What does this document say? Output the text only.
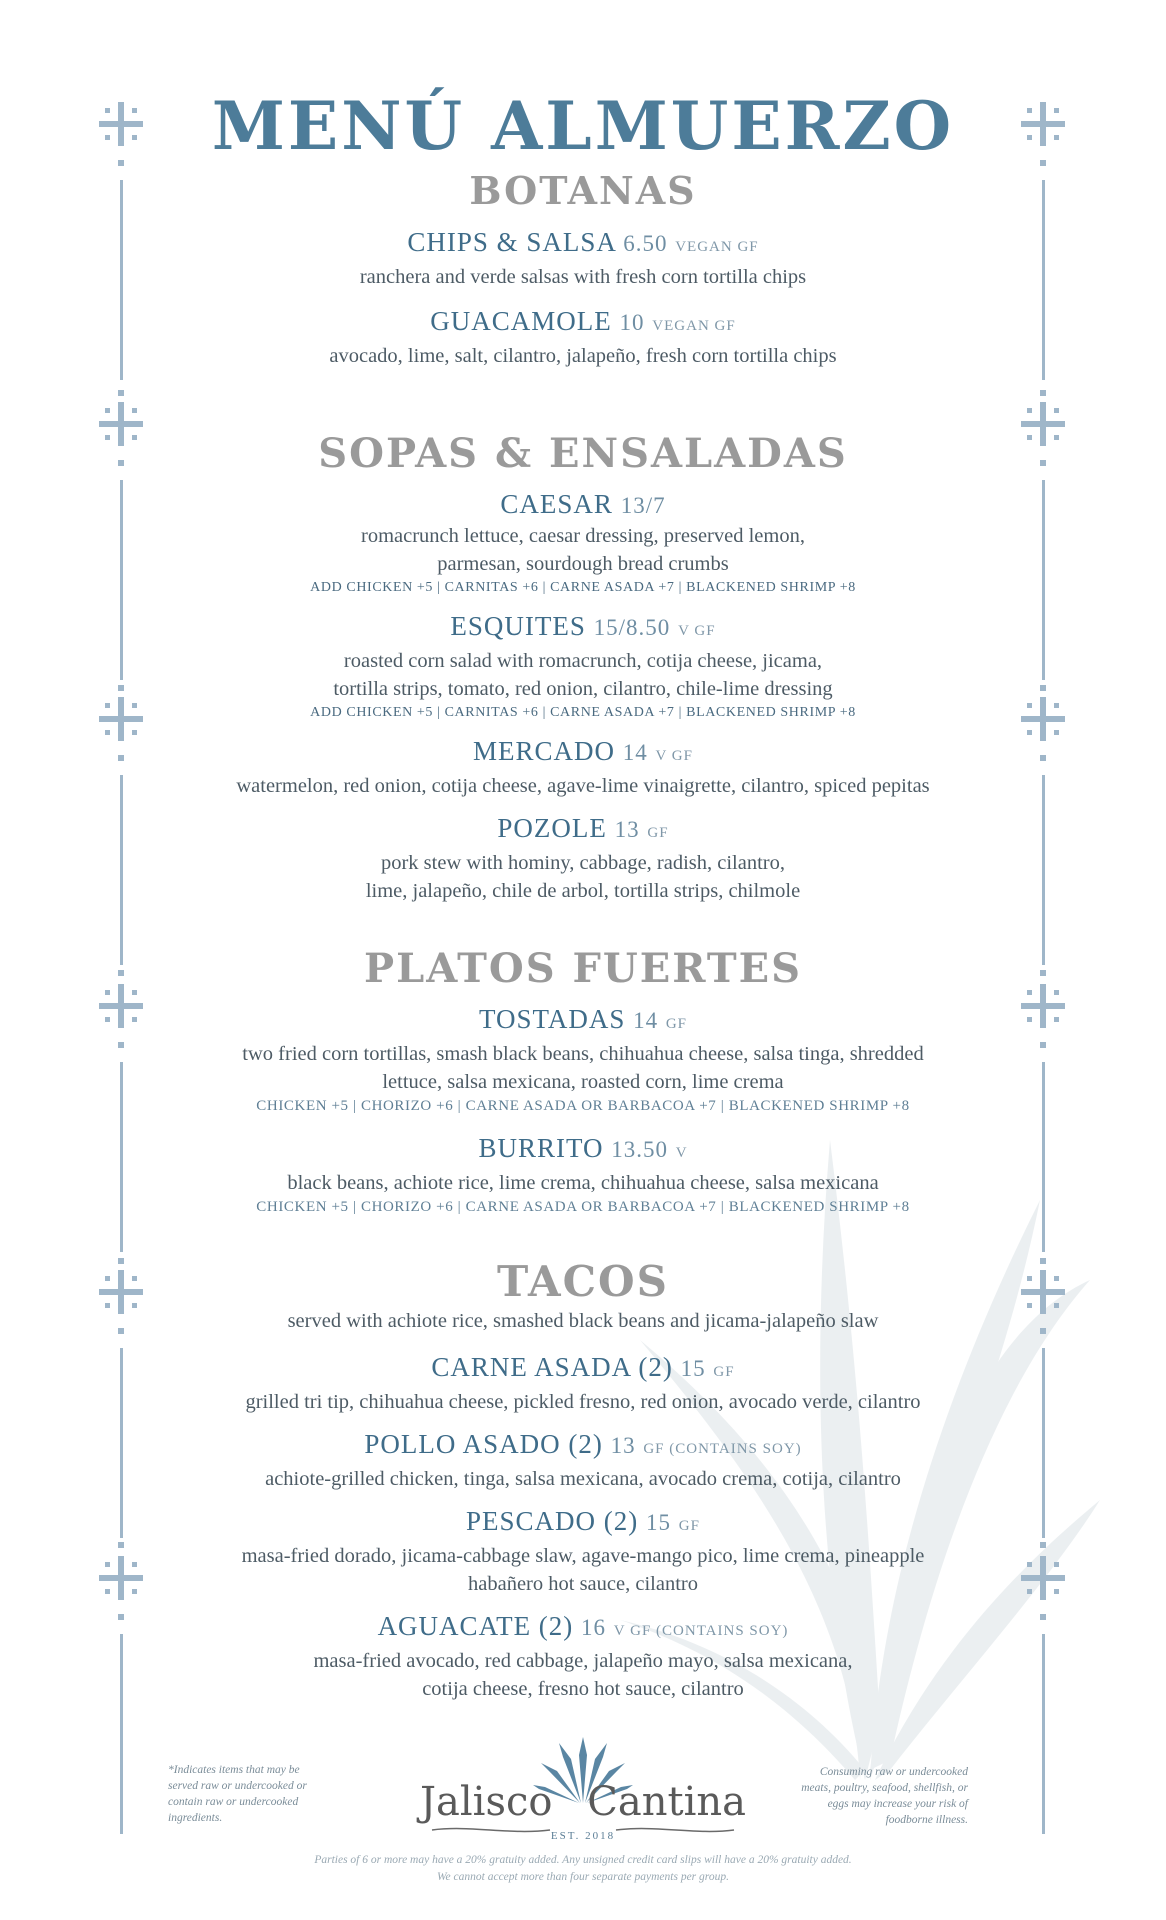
MENÚ ALMUERZO
BOTANAS
CHIPS & SALSA 6.50 VEGAN GF

ranchera and verde salsas with fresh corn tortilla chips

GUACAMOLE 10 VEGAN GF

avocado, lime, salt, cilantro, jalapeño, fresh corn tortilla chips

SOPAS & ENSALADAS
CAESAR 13/7

romacrunch lettuce, caesar dressing, preserved lemon,

parmesan, sourdough bread crumbs

ADD CHICKEN +5 | CARNITAS +6 | CARNE ASADA +7 | BLACKENED SHRIMP +8

ESQUITES 15/8.50 V GF

roasted corn salad with romacrunch, cotija cheese, jicama,

tortilla strips, tomato, red onion, cilantro, chile-lime dressing

ADD CHICKEN +5 | CARNITAS +6 | CARNE ASADA +7 | BLACKENED SHRIMP +8

MERCADO 14 V GF

watermelon, red onion, cotija cheese, agave-lime vinaigrette, cilantro, spiced pepitas

POZOLE 13 GF

pork stew with hominy, cabbage, radish, cilantro,

lime, jalapeño, chile de arbol, tortilla strips, chilmole

PLATOS FUERTES
TOSTADAS 14 GF

two fried corn tortillas, smash black beans, chihuahua cheese, salsa tinga, shredded

lettuce, salsa mexicana, roasted corn, lime crema

CHICKEN +5 | CHORIZO +6 | CARNE ASADA OR BARBACOA +7 | BLACKENED SHRIMP +8

BURRITO 13.50 V

black beans, achiote rice, lime crema, chihuahua cheese, salsa mexicana

CHICKEN +5 | CHORIZO +6 | CARNE ASADA OR BARBACOA +7 | BLACKENED SHRIMP +8

TACOS

served with achiote rice, smashed black beans and jicama-jalapeño slaw

CARNE ASADA (2) 15 GF

grilled tri tip, chihuahua cheese, pickled fresno, red onion, avocado verde, cilantro

POLLO ASADO (2) 13 GF (CONTAINS SOY)

achiote-grilled chicken, tinga, salsa mexicana, avocado crema, cotija, cilantro

PESCADO (2) 15 GF

masa-fried dorado, jicama-cabbage slaw, agave-mango pico, lime crema, pineapple

habañero hot sauce, cilantro

AGUACATE (2) 16 V GF (CONTAINS SOY)

masa-fried avocado, red cabbage, jalapeño mayo, salsa mexicana,

cotija cheese, fresno hot sauce, cilantro

*Indicates items that may be served raw or undercooked or contain raw or undercooked ingredients.
Consuming raw or undercooked meats, poultry, seafood, shellfish, or eggs may increase your risk of foodborne illness.
Jalisco Cantina
EST. 2018
Parties of 6 or more may have a 20% gratuity added. Any unsigned credit card slips will have a 20% gratuity added.
We cannot accept more than four separate payments per group.
